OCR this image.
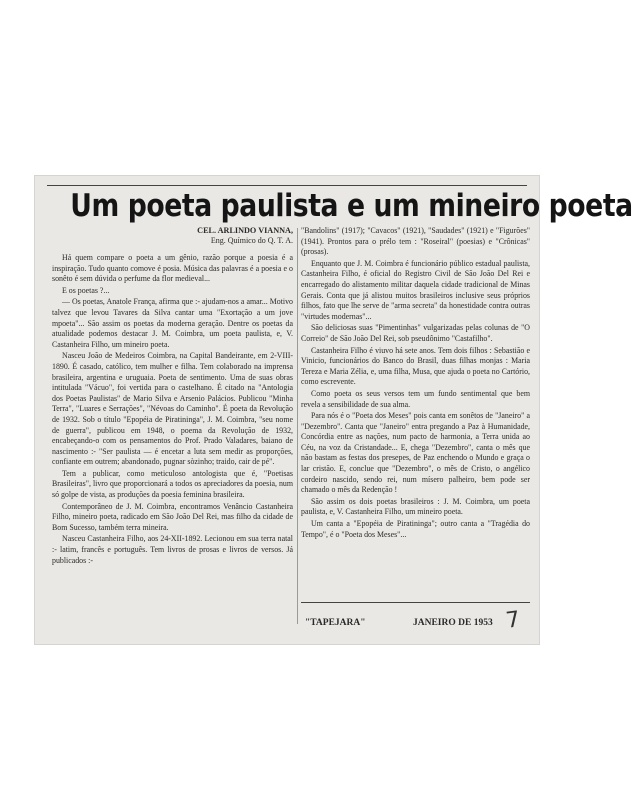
Um poeta paulista e um mineiro poeta
CEL. ARLINDO VIANNA,
Eng. Químico do Q. T. A.

Há quem compare o poeta a um gênio, razão porque a poesia é a inspiração. Tudo quanto comove é posia. Música das palavras é a poesia e o sonêto é sem dúvida o perfume da flor medieval...

E os poetas ?...

— Os poetas, Anatole França, afirma que :- ajudam-nos a amar... Motivo talvez que levou Tavares da Silva cantar uma "Exortação a um jove mpoeta"... São assim os poetas da moderna geração. Dentre os poetas da atualidade podemos destacar J. M. Coimbra, um poeta paulista, e, V. Castanheira Filho, um mineiro poeta.

Nasceu João de Medeiros Coimbra, na Capital Bandeirante, em 2-VIII-1890. É casado, católico, tem mulher e filha. Tem colaborado na imprensa brasileira, argentina e uruguaia. Poeta de sentimento. Uma de suas obras intitulada "Vácuo", foi vertida para o castelhano. É citado na "Antologia dos Poetas Paulistas" de Mario Silva e Arsenio Palácios. Publicou "Minha Terra", "Luares e Serrações", "Névoas do Caminho". É poeta da Revolução de 1932. Sob o título "Epopéia de Piratininga", J. M. Coimbra, "seu nome de guerra", publicou em 1948, o poema da Revolução de 1932, encabeçando-o com os pensamentos do Prof. Prado Valadares, baiano de nascimento :- "Ser paulista — é encetar a luta sem medir as proporções, confiante em outrem; abandonado, pugnar sòzinho; traido, cair de pé".

Tem a publicar, como meticuloso antologista que é, "Poetisas Brasileiras", livro que proporcionará a todos os apreciadores da poesia, num só golpe de vista, as produções da poesia feminina brasileira.

Contemporâneo de J. M. Coimbra, encontramos Venâncio Castanheira Filho, mineiro poeta, radicado em São João Del Rei, mas filho da cidade de Bom Sucesso, também terra mineira.

Nasceu Castanheira Filho, aos 24-XII-1892. Lecionou em sua terra natal :- latim, francês e português. Tem livros de prosas e livros de versos. Já publicados :-

"Bandolins" (1917); "Cavacos" (1921), "Saudades" (1921) e "Figurões" (1941). Prontos para o prélo tem : "Roseiral" (poesias) e "Crônicas" (prosas).

Enquanto que J. M. Coimbra é funcionário público estadual paulista, Castanheira Filho, é oficial do Registro Civil de São João Del Rei e encarregado do alistamento militar daquela cidade tradicional de Minas Gerais. Conta que já alistou muitos brasileiros inclusive seus próprios filhos, fato que lhe serve de "arma secreta" da honestidade contra outras "virtudes modernas"...

São deliciosas suas "Pimentinhas" vulgarizadas pelas colunas de "O Correio" de São João Del Rei, sob pseudônimo "Castafilho".

Castanheira Filho é viuvo há sete anos. Tem dois filhos : Sebastião e Vinicio, funcionários do Banco do Brasil, duas filhas monjas : Maria Tereza e Maria Zélia, e, uma filha, Musa, que ajuda o poeta no Cartório, como escrevente.

Como poeta os seus versos tem um fundo sentimental que bem revela a sensibilidade de sua alma.

Para nós é o "Poeta dos Meses" pois canta em sonêtos de "Janeiro" a "Dezembro". Canta que "Janeiro" entra pregando a Paz à Humanidade, Concórdia entre as nações, num pacto de harmonia, a Terra unida ao Céu, na voz da Cristandade... E, chega "Dezembro", canta o mês que não bastam as festas dos presepes, de Paz enchendo o Mundo e graça o lar cristão. E, conclue que "Dezembro", o mês de Cristo, o angélico cordeiro nascido, sendo rei, num mísero palheiro, bem pode ser chamado o mês da Redenção !

São assim os dois poetas brasileiros : J. M. Coimbra, um poeta paulista, e, V. Castanheira Filho, um mineiro poeta.

Um canta a "Epopéia de Piratininga"; outro canta a "Tragédia do Tempo", é o "Poeta dos Meses"...

"TAPEJARA"	JANEIRO DE 1953 7
